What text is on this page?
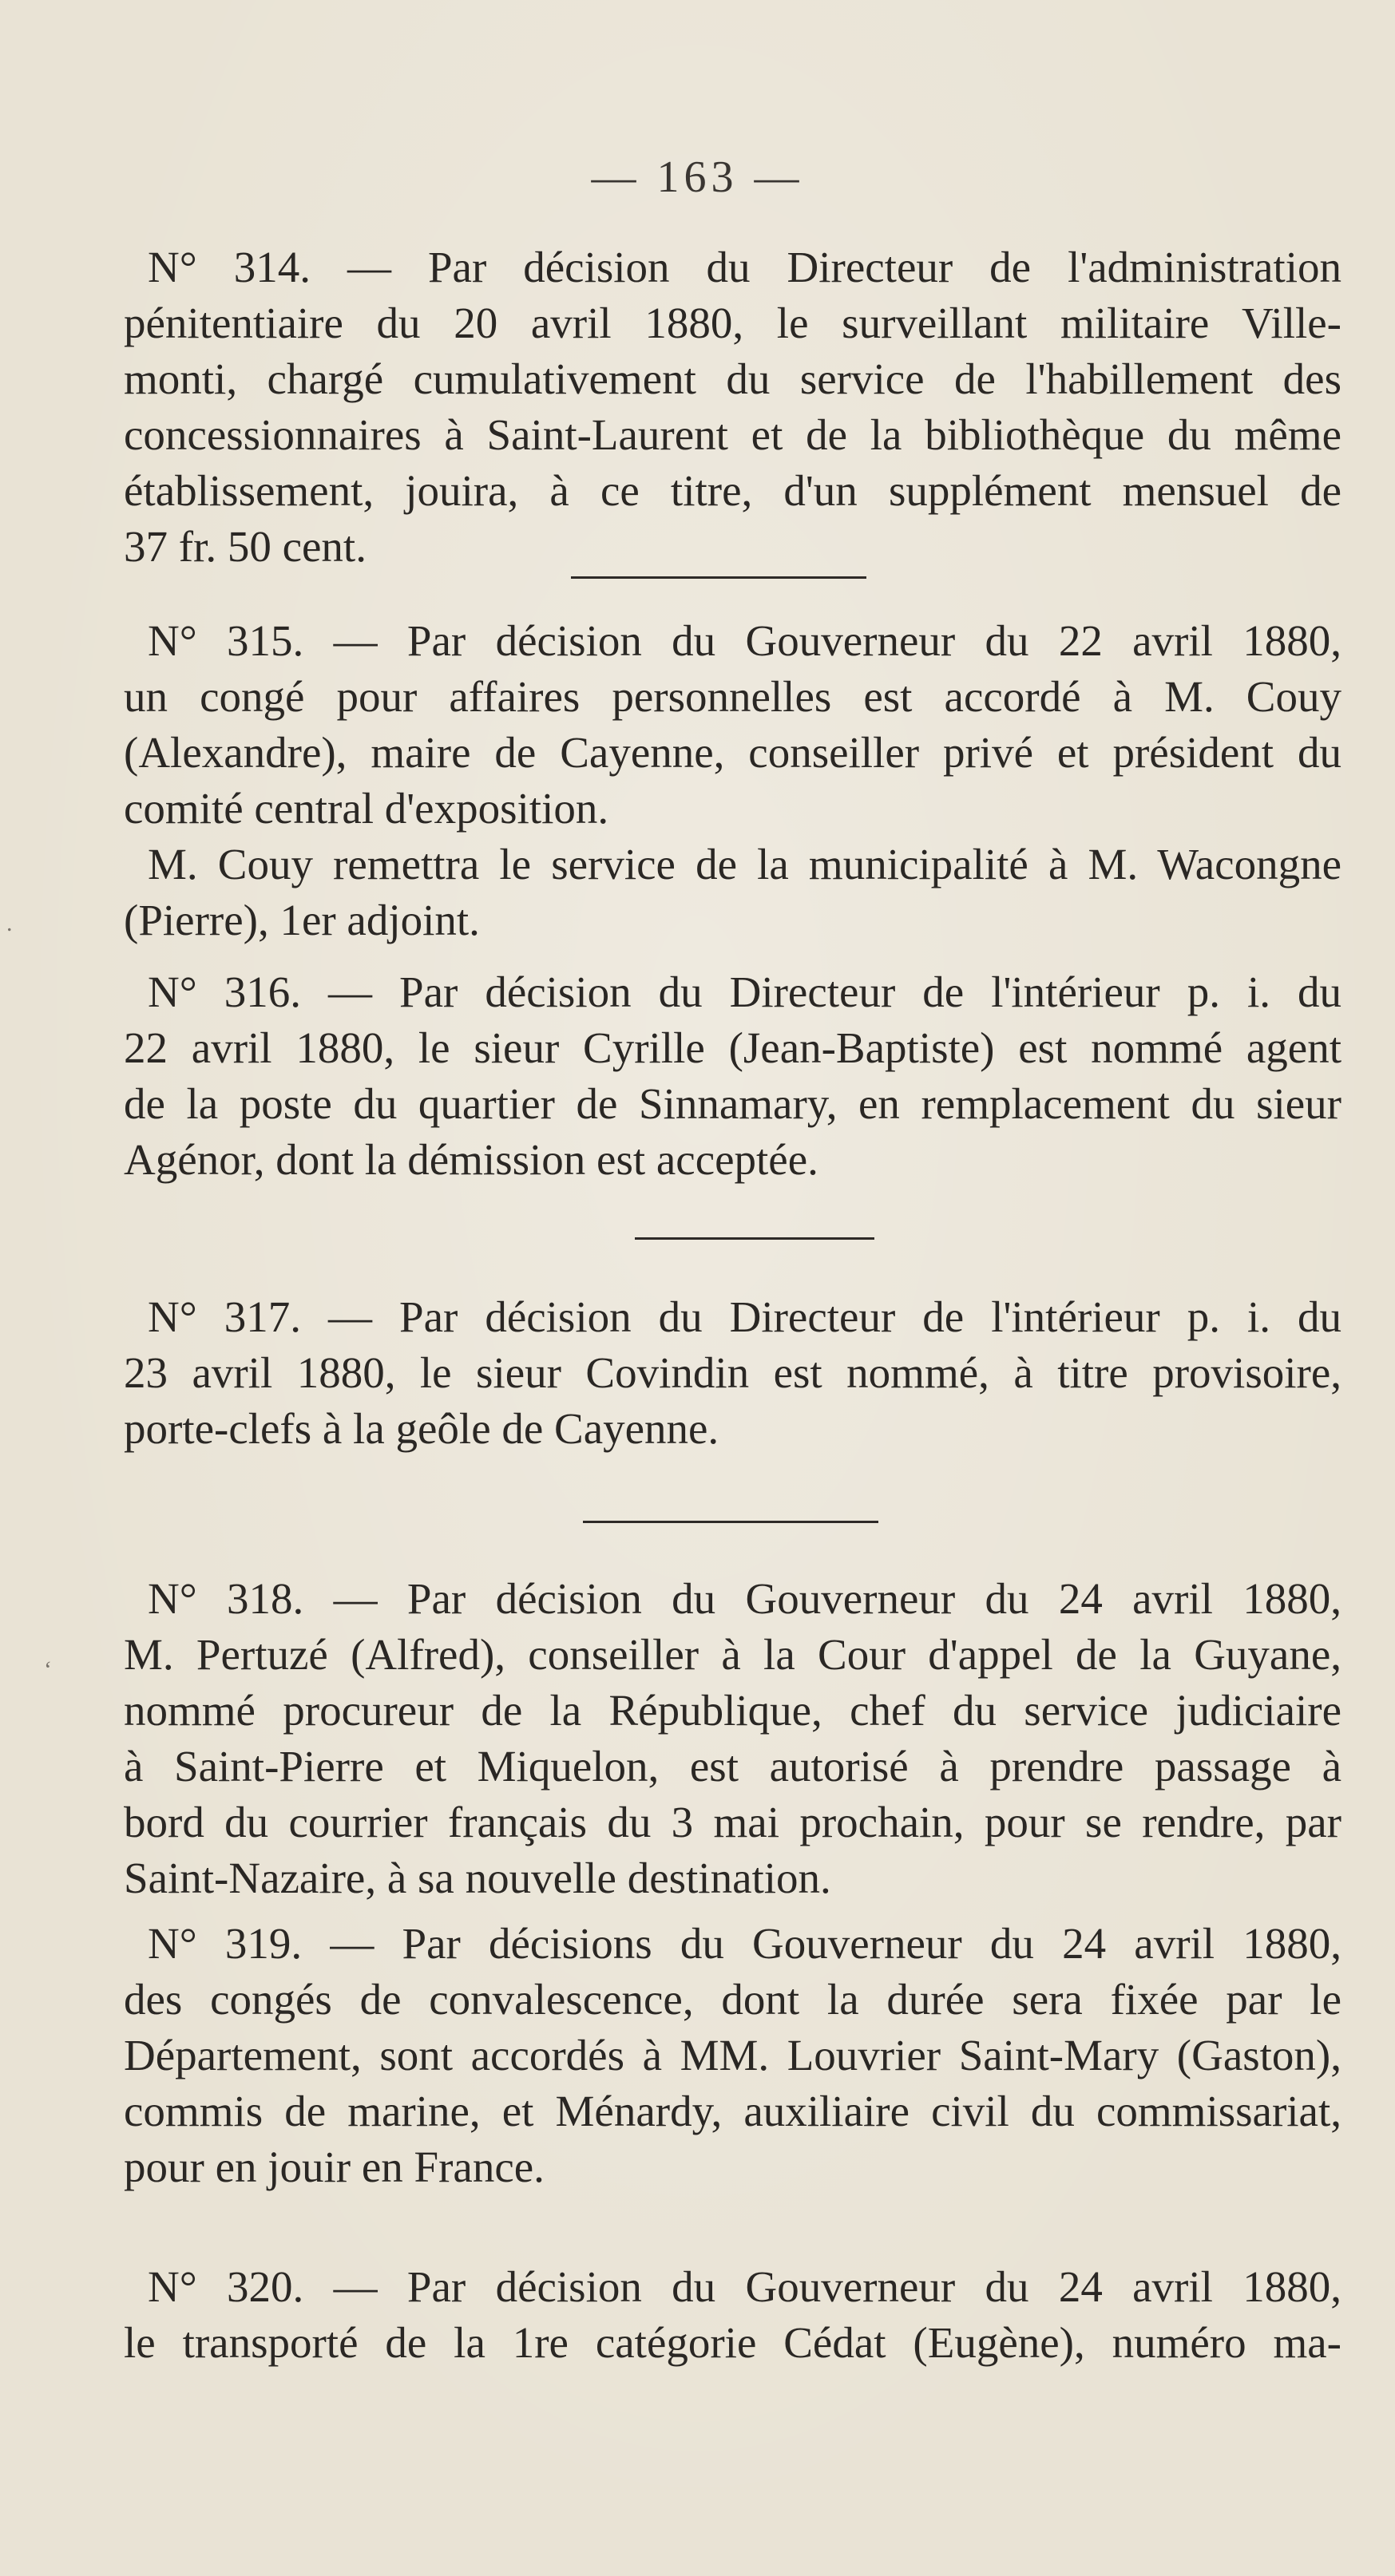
— 163 —

N° 314. — Par décision du Directeur de l'administration
pénitentiaire du 20 avril 1880, le surveillant militaire Ville-
monti, chargé cumulativement du service de l'habillement des
concessionnaires à Saint-Laurent et de la bibliothèque du même
établissement, jouira, à ce titre, d'un supplément mensuel de
37 fr. 50 cent.

N° 315. — Par décision du Gouverneur du 22 avril 1880,
un congé pour affaires personnelles est accordé à M. Couy
(Alexandre), maire de Cayenne, conseiller privé et président du
comité central d'exposition.

M. Couy remettra le service de la municipalité à M. Wacongne
(Pierre), 1er adjoint.

.

N° 316. — Par décision du Directeur de l'intérieur p. i. du
22 avril 1880, le sieur Cyrille (Jean-Baptiste) est nommé agent
de la poste du quartier de Sinnamary, en remplacement du sieur
Agénor, dont la démission est acceptée.

N° 317. — Par décision du Directeur de l'intérieur p. i. du
23 avril 1880, le sieur Covindin est nommé, à titre provisoire,
porte-clefs à la geôle de Cayenne.

N° 318. — Par décision du Gouverneur du 24 avril 1880,
M. Pertuzé (Alfred), conseiller à la Cour d'appel de la Guyane,
nommé procureur de la République, chef du service judiciaire
à Saint-Pierre et Miquelon, est autorisé à prendre passage à
bord du courrier français du 3 mai prochain, pour se rendre, par
Saint-Nazaire, à sa nouvelle destination.

ʻ

N° 319. — Par décisions du Gouverneur du 24 avril 1880,
des congés de convalescence, dont la durée sera fixée par le
Département, sont accordés à MM. Louvrier Saint-Mary (Gaston),
commis de marine, et Ménardy, auxiliaire civil du commissariat,
pour en jouir en France.

N° 320. — Par décision du Gouverneur du 24 avril 1880,
le transporté de la 1re catégorie Cédat (Eugène), numéro ma-
